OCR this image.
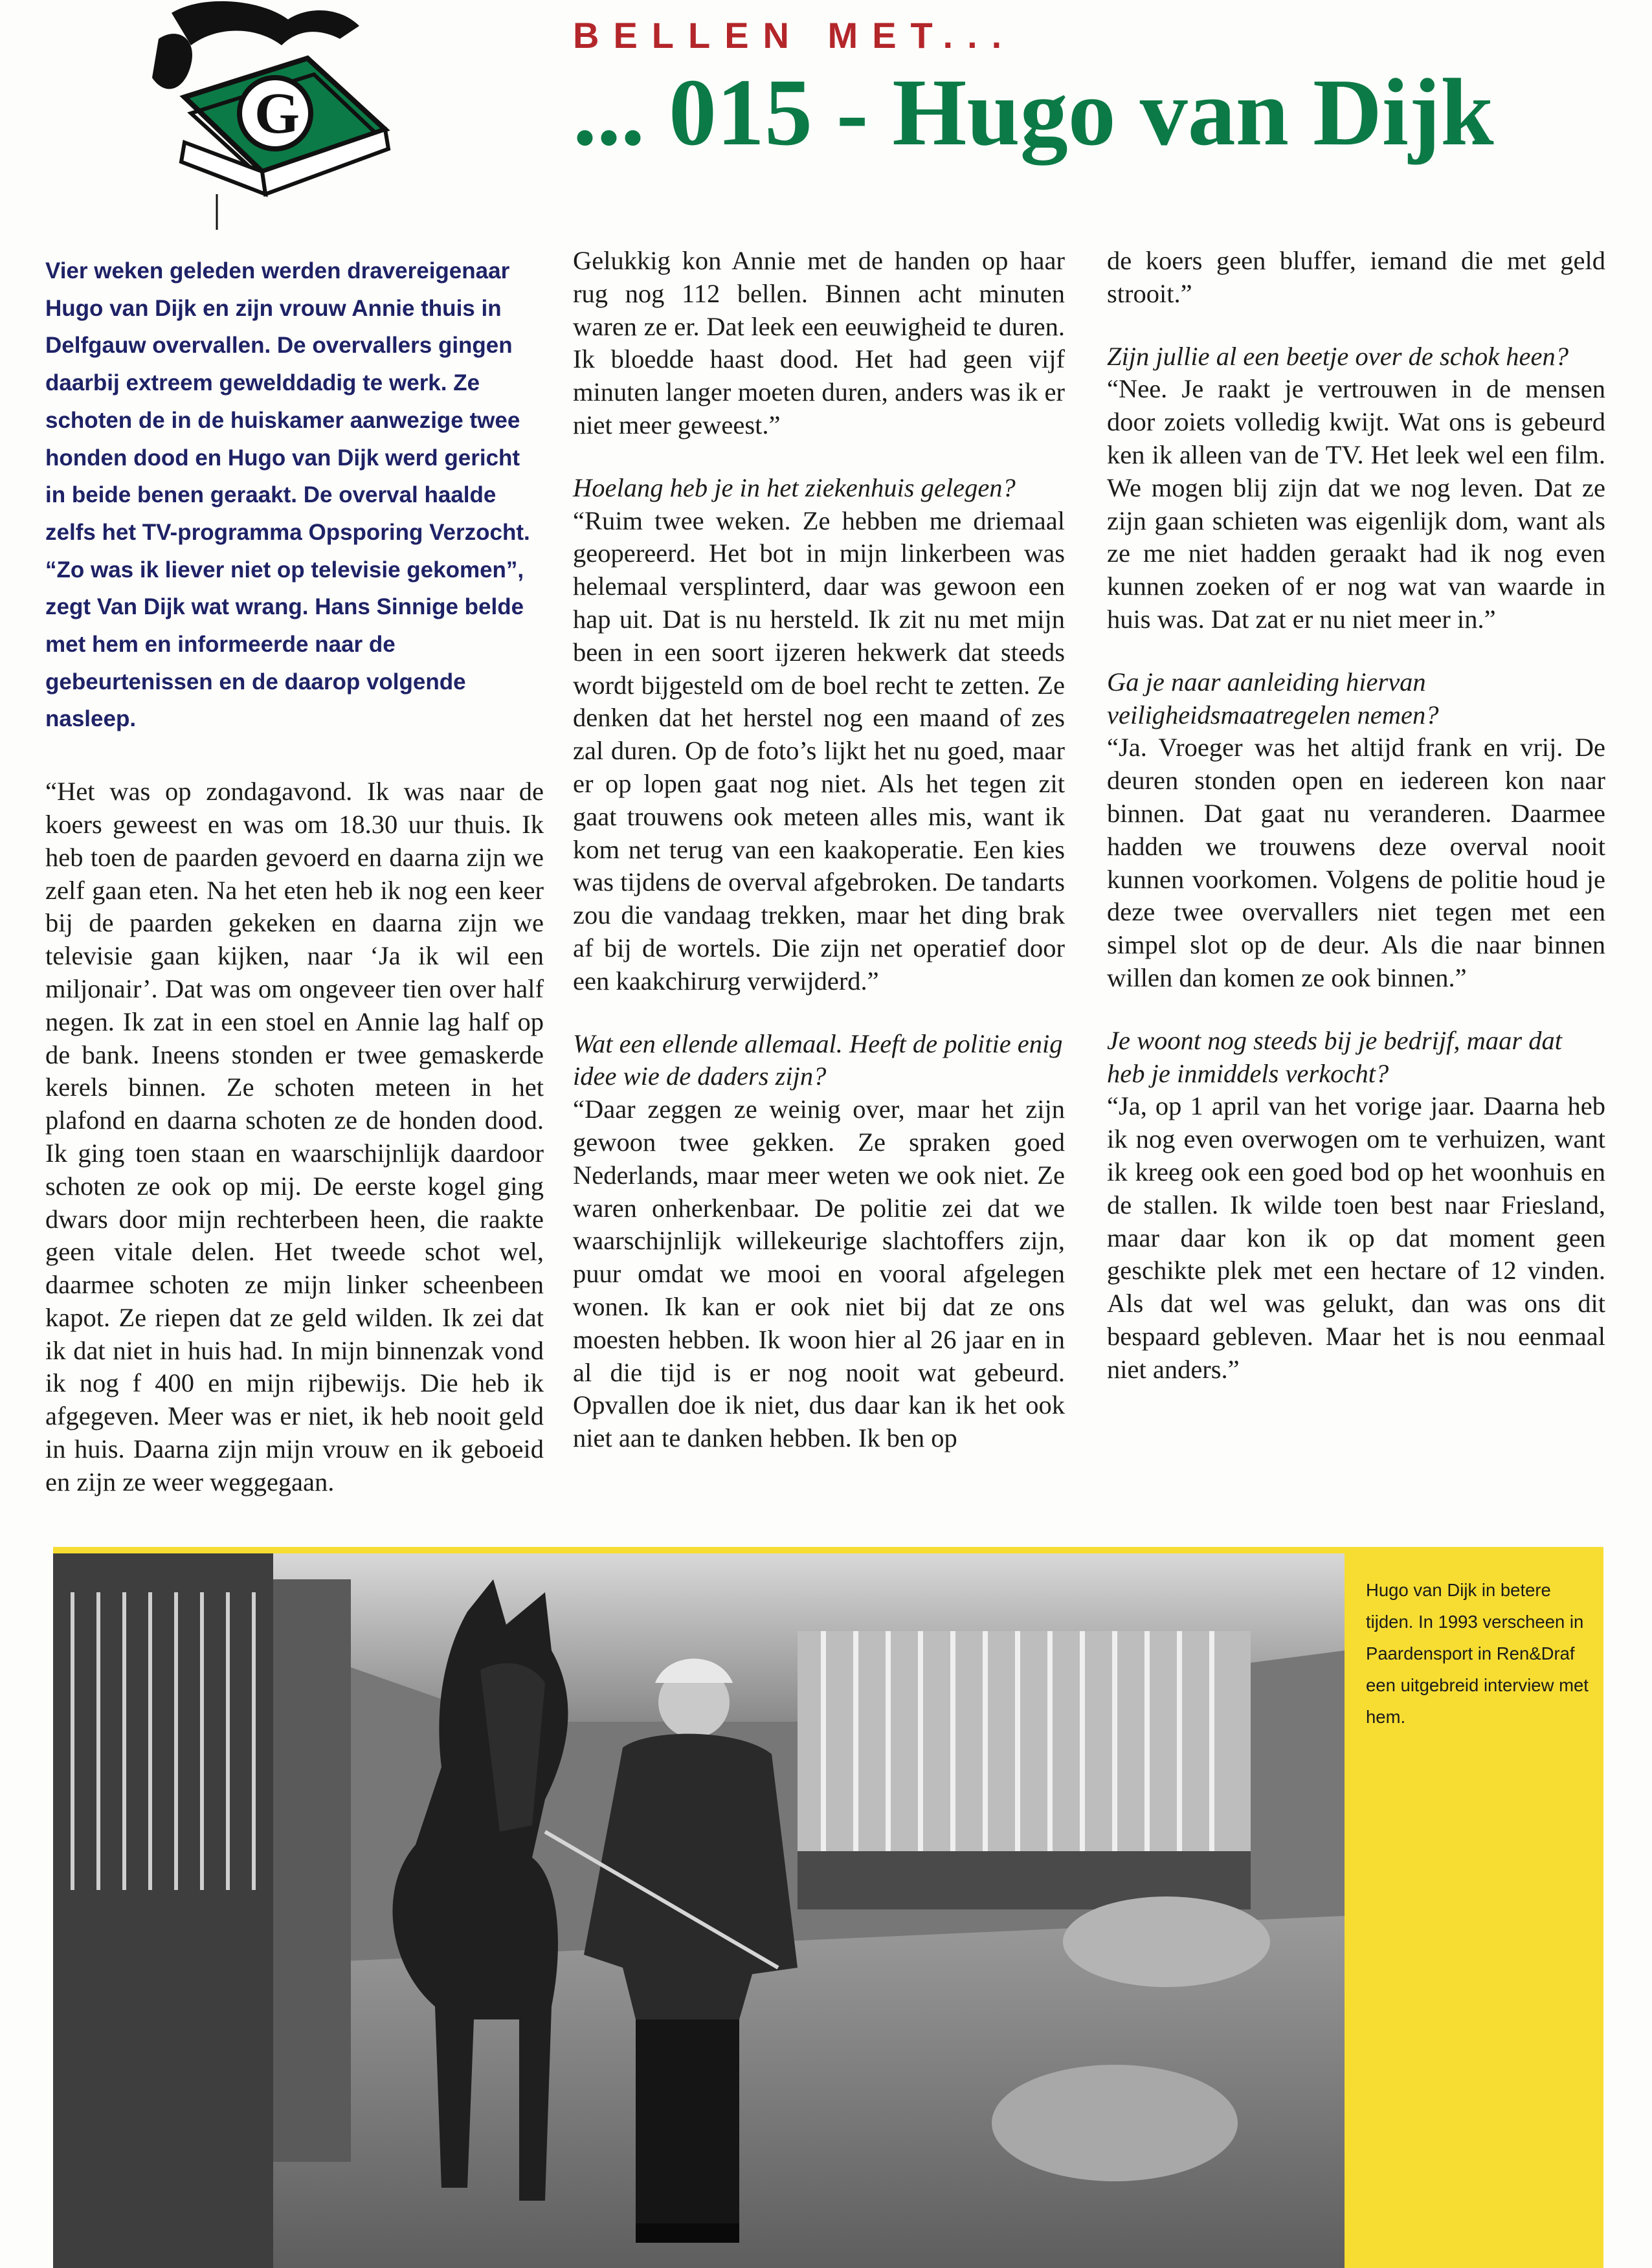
G
BELLEN MET...
... 015 - Hugo van Dijk

Vier weken geleden werden dravereigenaar Hugo van Dijk en zijn vrouw Annie thuis in Delfgauw overvallen. De overvallers gingen daarbij extreem gewelddadig te werk. Ze schoten de in de huiskamer aanwezige twee honden dood en Hugo van Dijk werd gericht in beide benen geraakt. De overval haalde zelfs het TV-programma Opsporing Verzocht. “Zo was ik liever niet op televisie gekomen”, zegt Van Dijk wat wrang. Hans Sinnige belde met hem en informeerde naar de gebeurtenissen en de daarop volgende nasleep.

“Het was op zondagavond. Ik was naar de koers geweest en was om 18.30 uur thuis. Ik heb toen de paarden gevoerd en daarna zijn we zelf gaan eten. Na het eten heb ik nog een keer bij de paarden gekeken en daarna zijn we televisie gaan kijken, naar ‘Ja ik wil een miljonair’. Dat was om ongeveer tien over half negen. Ik zat in een stoel en Annie lag half op de bank. Ineens stonden er twee gemaskerde kerels binnen. Ze schoten meteen in het plafond en daarna schoten ze de honden dood. Ik ging toen staan en waarschijnlijk daardoor schoten ze ook op mij. De eerste kogel ging dwars door mijn rechterbeen heen, die raakte geen vitale delen. Het tweede schot wel, daarmee schoten ze mijn linker scheenbeen kapot. Ze riepen dat ze geld wilden. Ik zei dat ik dat niet in huis had. In mijn binnenzak vond ik nog f 400 en mijn rijbewijs. Die heb ik afgegeven. Meer was er niet, ik heb nooit geld in huis. Daarna zijn mijn vrouw en ik geboeid en zijn ze weer weggegaan.

Gelukkig kon Annie met de handen op haar rug nog 112 bellen. Binnen acht minuten waren ze er. Dat leek een eeuwigheid te duren. Ik bloedde haast dood. Het had geen vijf minuten langer moeten duren, anders was ik er niet meer geweest.”

Hoelang heb je in het ziekenhuis gelegen?

“Ruim twee weken. Ze hebben me driemaal geopereerd. Het bot in mijn linkerbeen was helemaal versplinterd, daar was gewoon een hap uit. Dat is nu hersteld. Ik zit nu met mijn been in een soort ijzeren hekwerk dat steeds wordt bijgesteld om de boel recht te zetten. Ze denken dat het herstel nog een maand of zes zal duren. Op de foto’s lijkt het nu goed, maar er op lopen gaat nog niet. Als het tegen zit gaat trouwens ook meteen alles mis, want ik kom net terug van een kaakoperatie. Een kies was tijdens de overval afgebroken. De tandarts zou die vandaag trekken, maar het ding brak af bij de wortels. Die zijn net operatief door een kaakchirurg verwijderd.”

Wat een ellende allemaal. Heeft de politie enig idee wie de daders zijn?

“Daar zeggen ze weinig over, maar het zijn gewoon twee gekken. Ze spraken goed Nederlands, maar meer weten we ook niet. Ze waren onherkenbaar. De politie zei dat we waarschijnlijk willekeurige slachtoffers zijn, puur omdat we mooi en vooral afgelegen wonen. Ik kan er ook niet bij dat ze ons moesten hebben. Ik woon hier al 26 jaar en in al die tijd is er nog nooit wat gebeurd. Opvallen doe ik niet, dus daar kan ik het ook niet aan te danken hebben. Ik ben op

de koers geen bluffer, iemand die met geld strooit.”

Zijn jullie al een beetje over de schok heen?

“Nee. Je raakt je vertrouwen in de mensen door zoiets volledig kwijt. Wat ons is gebeurd ken ik alleen van de TV. Het leek wel een film. We mogen blij zijn dat we nog leven. Dat ze zijn gaan schieten was eigenlijk dom, want als ze me niet hadden geraakt had ik nog even kunnen zoeken of er nog wat van waarde in huis was. Dat zat er nu niet meer in.”

Ga je naar aanleiding hiervan veiligheidsmaatregelen nemen?

“Ja. Vroeger was het altijd frank en vrij. De deuren stonden open en iedereen kon naar binnen. Dat gaat nu veranderen. Daarmee hadden we trouwens deze overval nooit kunnen voorkomen. Volgens de politie houd je deze twee overvallers niet tegen met een simpel slot op de deur. Als die naar binnen willen dan komen ze ook binnen.”

Je woont nog steeds bij je bedrijf, maar dat heb je inmiddels verkocht?

“Ja, op 1 april van het vorige jaar. Daarna heb ik nog even overwogen om te verhuizen, want ik kreeg ook een goed bod op het woonhuis en de stallen. Ik wilde toen best naar Friesland, maar daar kon ik op dat moment geen geschikte plek met een hectare of 12 vinden. Als dat wel was gelukt, dan was ons dit bespaard gebleven. Maar het is nou eenmaal niet anders.”

Hugo van Dijk in betere tijden. In 1993 verscheen in Paardensport in Ren&Draf een uitgebreid interview met hem.
